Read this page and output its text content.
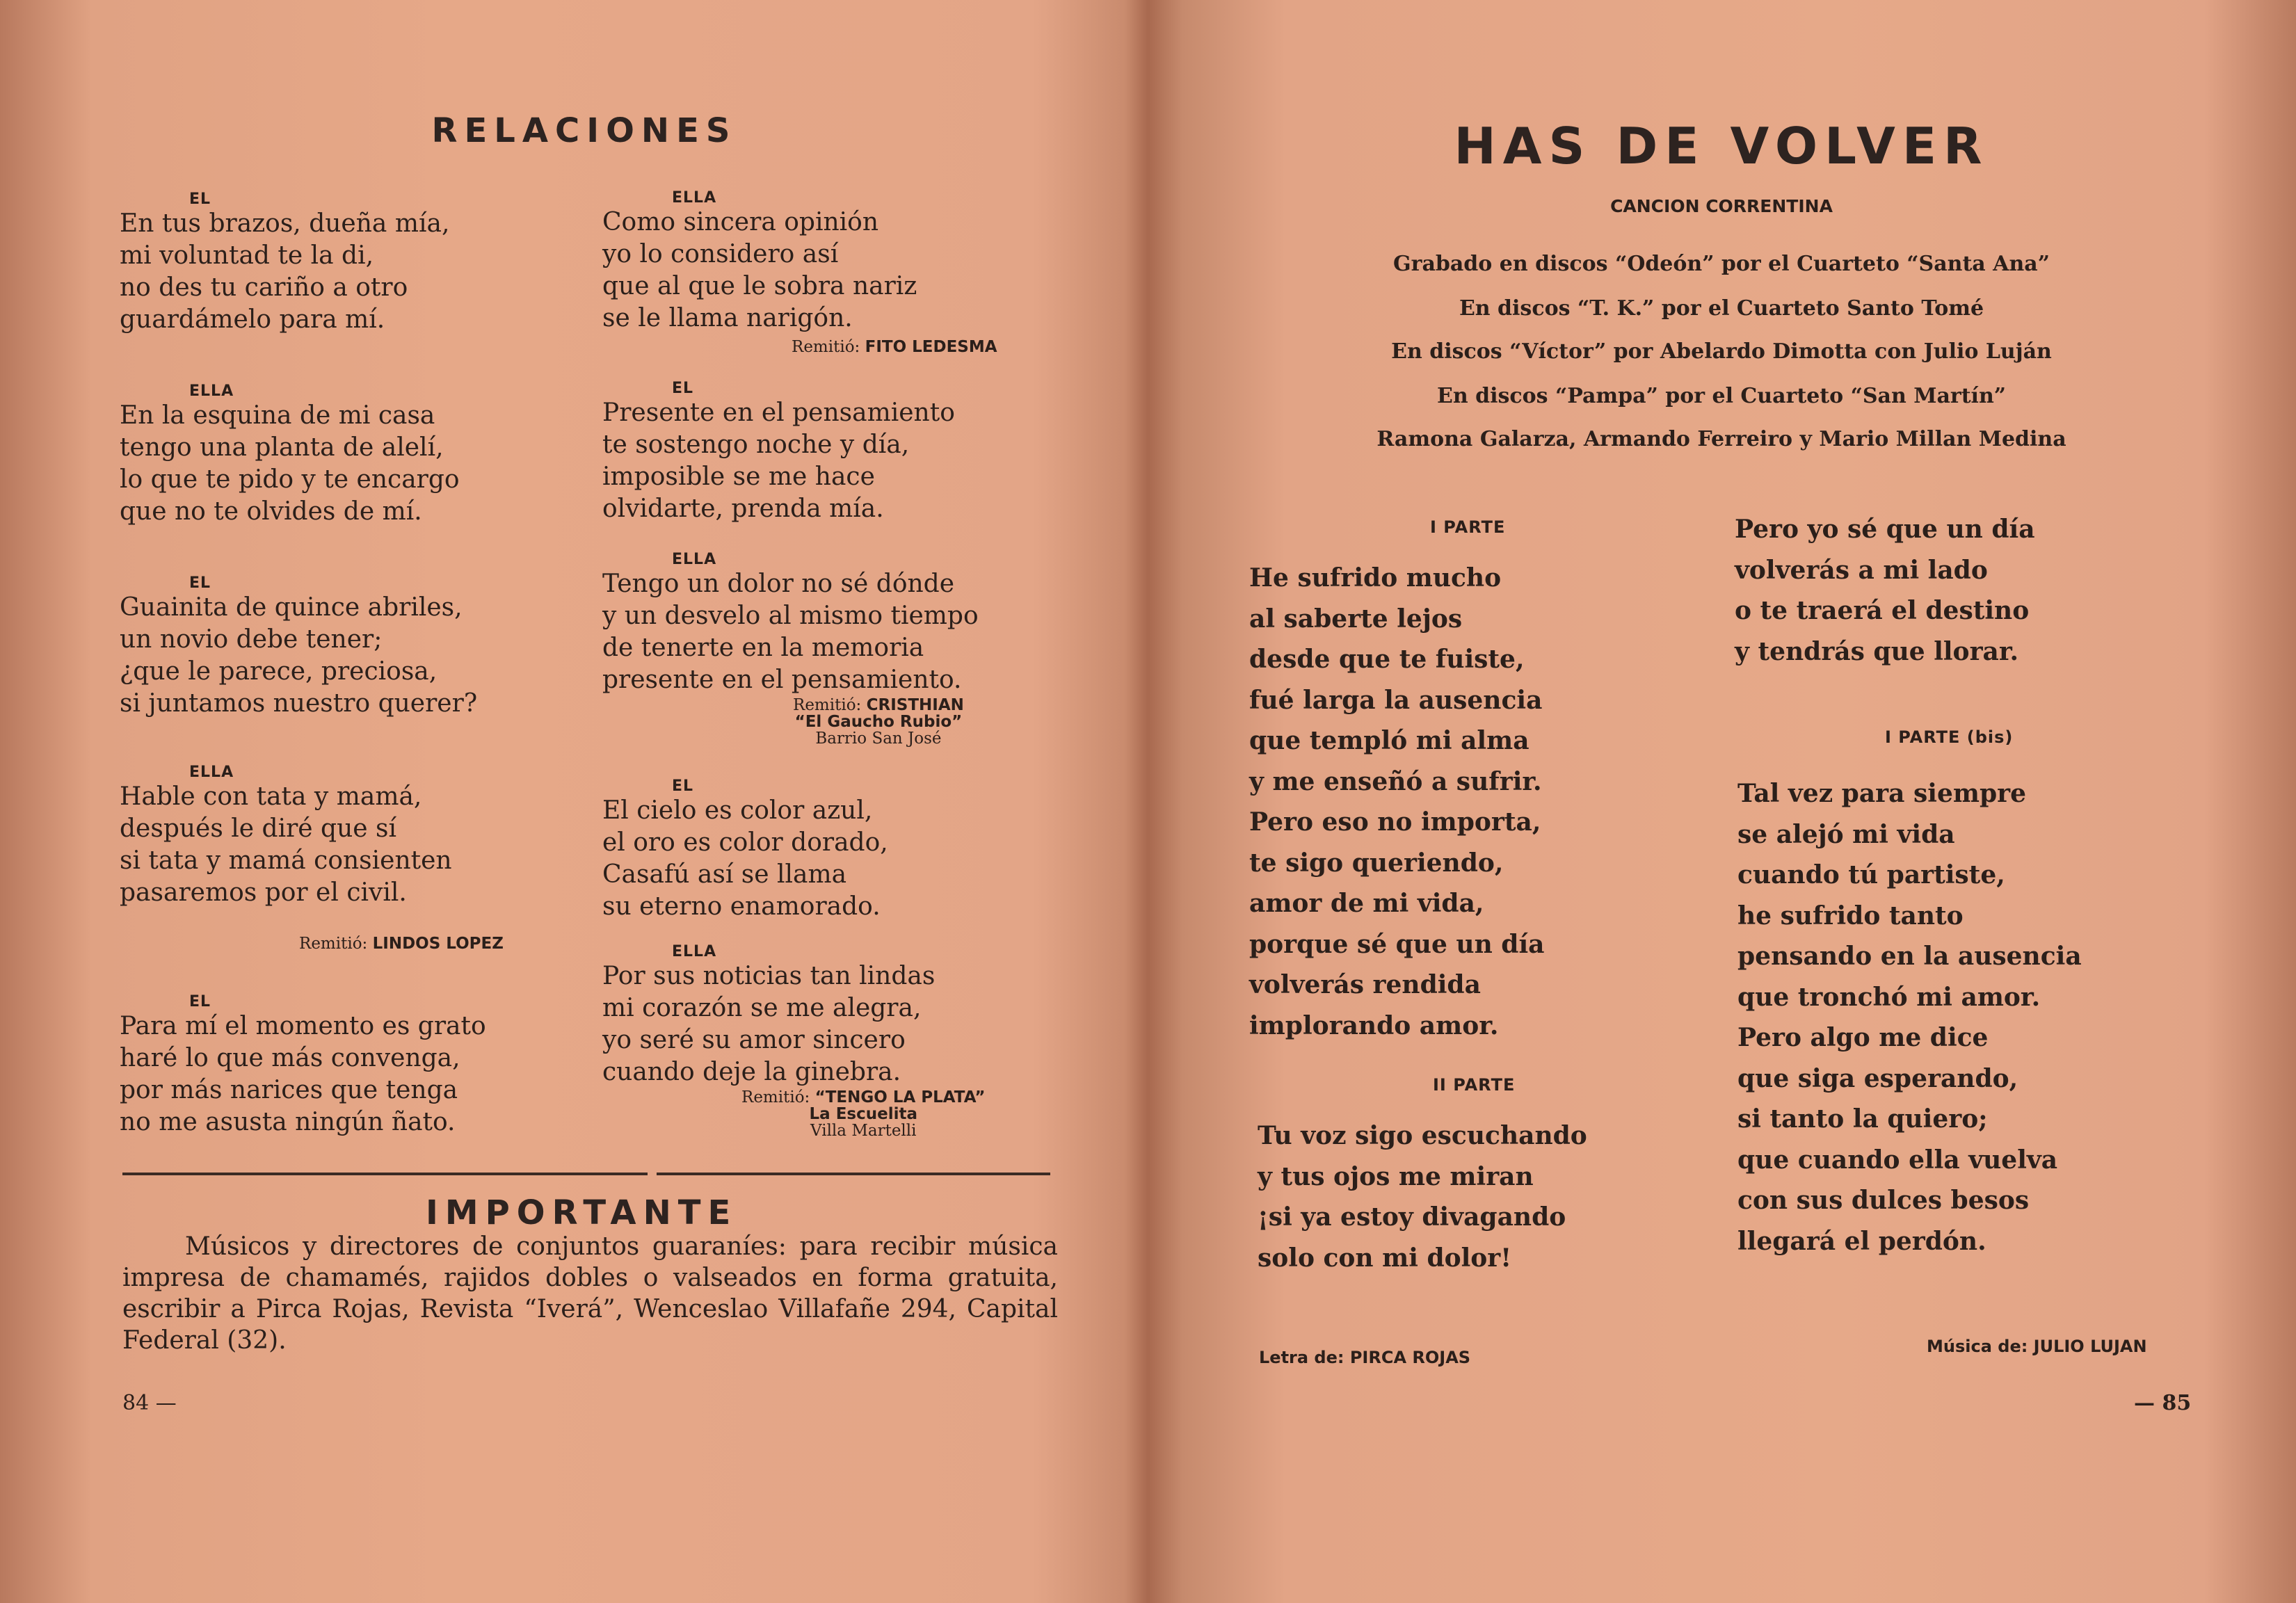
RELACIONES
EL
En tus brazos, dueña mía,
mi voluntad te la di,
no des tu cariño a otro
guardámelo para mí.
ELLA
En la esquina de mi casa
tengo una planta de alelí,
lo que te pido y te encargo
que no te olvides de mí.
EL
Guainita de quince abriles,
un novio debe tener;
¿que le parece, preciosa,
si juntamos nuestro querer?
ELLA
Hable con tata y mamá,
después le diré que sí
si tata y mamá consienten
pasaremos por el civil.
Remitió: LINDOS LOPEZ
EL
Para mí el momento es grato
haré lo que más convenga,
por más narices que tenga
no me asusta ningún ñato.
ELLA
Como sincera opinión
yo lo considero así
que al que le sobra nariz
se le llama narigón.
Remitió: FITO LEDESMA
EL
Presente en el pensamiento
te sostengo noche y día,
imposible se me hace
olvidarte, prenda mía.
ELLA
Tengo un dolor no sé dónde
y un desvelo al mismo tiempo
de tenerte en la memoria
presente en el pensamiento.
Remitió: CRISTHIAN
“El Gaucho Rubio”
Barrio San José
EL
El cielo es color azul,
el oro es color dorado,
Casafú así se llama
su eterno enamorado.
ELLA
Por sus noticias tan lindas
mi corazón se me alegra,
yo seré su amor sincero
cuando deje la ginebra.
Remitió: “TENGO LA PLATA”
La Escuelita
Villa Martelli
IMPORTANTE
Músicos y directores de conjuntos guaraníes: para recibir música impresa de chamamés, rajidos dobles o valseados en forma gratuita, escribir a Pirca Rojas, Revista “Iverá”, Wenceslao Villafañe 294, Capital Federal (32).
84 —
HAS DE VOLVER
CANCION CORRENTINA
Grabado en discos “Odeón” por el Cuarteto “Santa Ana”
En discos “T. K.” por el Cuarteto Santo Tomé
En discos “Víctor” por Abelardo Dimotta con Julio Luján
En discos “Pampa” por el Cuarteto “San Martín”
Ramona Galarza, Armando Ferreiro y Mario Millan Medina
I PARTE
He sufrido mucho
al saberte lejos
desde que te fuiste,
fué larga la ausencia
que templó mi alma
y me enseñó a sufrir.
Pero eso no importa,
te sigo queriendo,
amor de mi vida,
porque sé que un día
volverás rendida
implorando amor.
II PARTE
Tu voz sigo escuchando
y tus ojos me miran
¡si ya estoy divagando
solo con mi dolor!
Pero yo sé que un día
volverás a mi lado
o te traerá el destino
y tendrás que llorar.
I PARTE (bis)
Tal vez para siempre
se alejó mi vida
cuando tú partiste,
he sufrido tanto
pensando en la ausencia
que tronchó mi amor.
Pero algo me dice
que siga esperando,
si tanto la quiero;
que cuando ella vuelva
con sus dulces besos
llegará el perdón.
Letra de: PIRCA ROJAS
Música de: JULIO LUJAN
— 85
